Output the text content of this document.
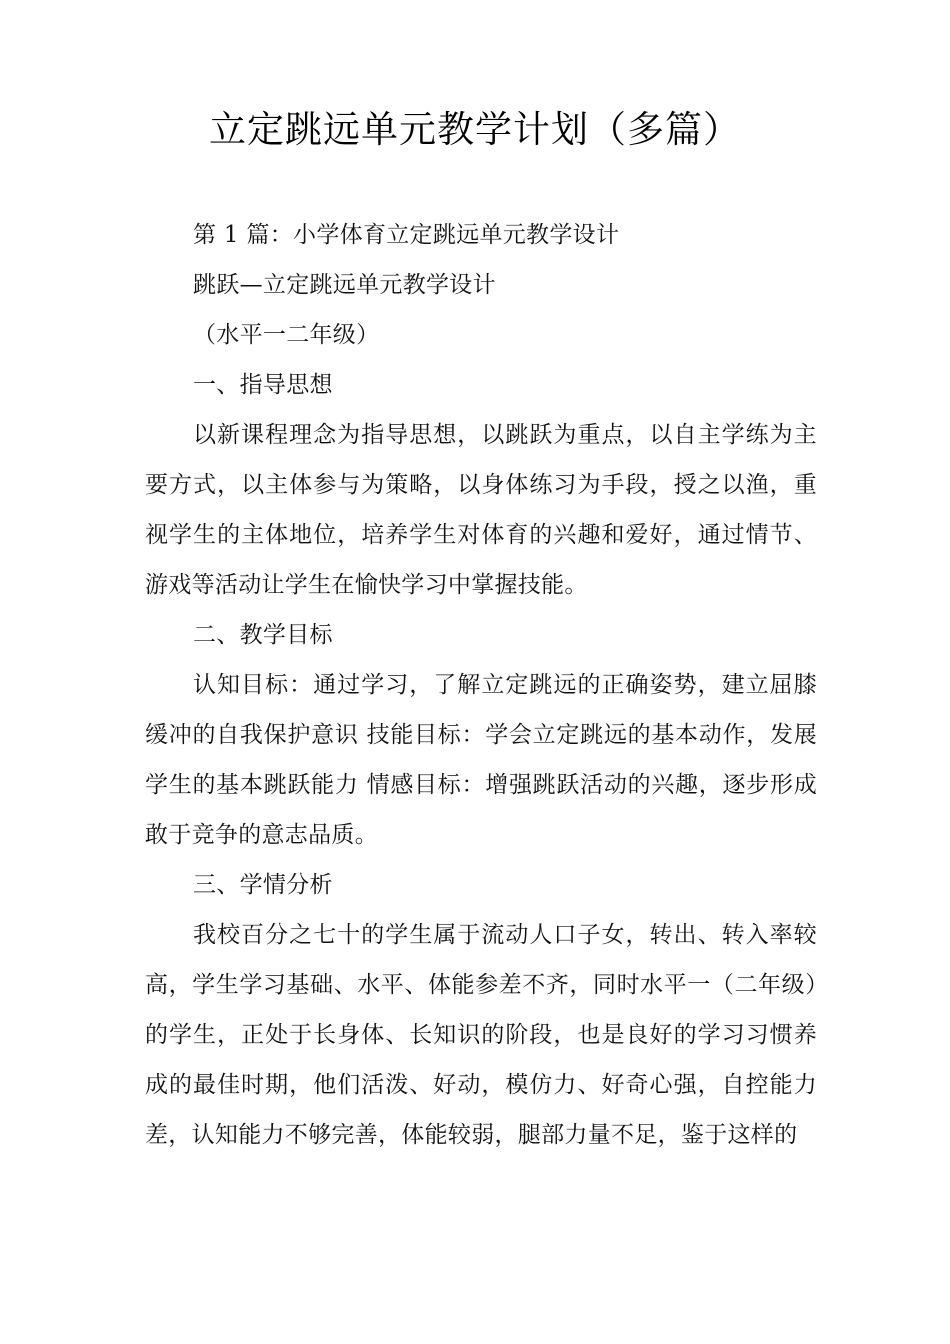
立定跳远单元教学计划（多篇）

第 1 篇：小学体育立定跳远单元教学设计

跳跃—立定跳远单元教学设计

（水平一二年级）

一、指导思想

以新课程理念为指导思想，以跳跃为重点，以自主学练为主要方式，以主体参与为策略，以身体练习为手段，授之以渔，重视学生的主体地位，培养学生对体育的兴趣和爱好，通过情节、游戏等活动让学生在愉快学习中掌握技能。

二、教学目标

认知目标：通过学习，了解立定跳远的正确姿势，建立屈膝缓冲的自我保护意识 技能目标：学会立定跳远的基本动作，发展学生的基本跳跃能力 情感目标：增强跳跃活动的兴趣，逐步形成敢于竞争的意志品质。

三、学情分析

我校百分之七十的学生属于流动人口子女，转出、转入率较高，学生学习基础、水平、体能参差不齐，同时水平一（二年级）的学生，正处于长身体、长知识的阶段，也是良好的学习习惯养成的最佳时期，他们活泼、好动，模仿力、好奇心强，自控能力差，认知能力不够完善，体能较弱，腿部力量不足，鉴于这样的
